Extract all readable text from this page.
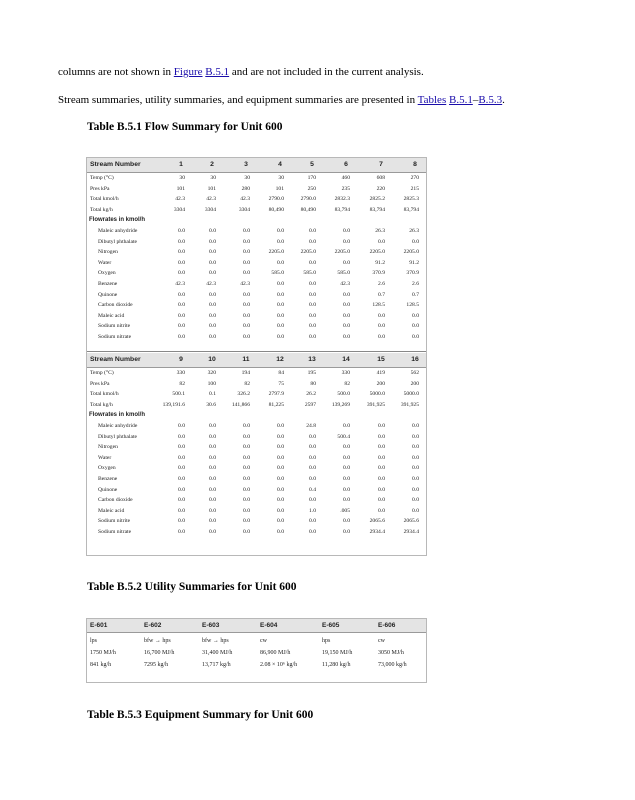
columns are not shown in Figure B.5.1 and are not included in the current analysis.
Stream summaries, utility summaries, and equipment summaries are presented in Tables B.5.1–B.5.3.
Table B.5.1 Flow Summary for Unit 600
Stream Number	1	2	3	4	5	6	7	8
Temp (°C)	30	30	30	30	170	460	608	270
Pres kPa	101	101	280	101	250	235	220	215
Total kmol/h	42.3	42.3	42.3	2790.0	2790.0	2832.3	2825.2	2825.3
Total kg/h	3304	3304	3304	80,490	80,490	83,794	83,794	83,794
Flowrates in kmol/h
Maleic anhydride	0.0	0.0	0.0	0.0	0.0	0.0	26.3	26.3
Dibutyl phthalate	0.0	0.0	0.0	0.0	0.0	0.0	0.0	0.0
Nitrogen	0.0	0.0	0.0	2205.0	2205.0	2205.0	2205.0	2205.0
Water	0.0	0.0	0.0	0.0	0.0	0.0	91.2	91.2
Oxygen	0.0	0.0	0.0	585.0	585.0	585.0	370.9	370.9
Benzene	42.3	42.3	42.3	0.0	0.0	42.3	2.6	2.6
Quinone	0.0	0.0	0.0	0.0	0.0	0.0	0.7	0.7
Carbon dioxide	0.0	0.0	0.0	0.0	0.0	0.0	128.5	128.5
Maleic acid	0.0	0.0	0.0	0.0	0.0	0.0	0.0	0.0
Sodium nitrite	0.0	0.0	0.0	0.0	0.0	0.0	0.0	0.0
Sodium nitrate	0.0	0.0	0.0	0.0	0.0	0.0	0.0	0.0
Stream Number	9	10	11	12	13	14	15	16
Temp (°C)	330	320	194	84	195	330	419	562
Pres kPa	82	100	82	75	80	82	200	200
Total kmol/h	500.1	0.1	326.2	2797.9	26.2	500.0	5000.0	5000.0
Total kg/h	139,191.6	30.6	141,866	81,225	2597	139,269	391,925	391,925
Flowrates in kmol/h
Maleic anhydride	0.0	0.0	0.0	0.0	24.8	0.0	0.0	0.0
Dibutyl phthalate	0.0	0.0	0.0	0.0	0.0	500.4	0.0	0.0
Nitrogen	0.0	0.0	0.0	0.0	0.0	0.0	0.0	0.0
Water	0.0	0.0	0.0	0.0	0.0	0.0	0.0	0.0
Oxygen	0.0	0.0	0.0	0.0	0.0	0.0	0.0	0.0
Benzene	0.0	0.0	0.0	0.0	0.0	0.0	0.0	0.0
Quinone	0.0	0.0	0.0	0.0	0.4	0.0	0.0	0.0
Carbon dioxide	0.0	0.0	0.0	0.0	0.0	0.0	0.0	0.0
Maleic acid	0.0	0.0	0.0	0.0	1.0	.005	0.0	0.0
Sodium nitrite	0.0	0.0	0.0	0.0	0.0	0.0	2065.6	2065.6
Sodium nitrate	0.0	0.0	0.0	0.0	0.0	0.0	2934.4	2934.4
Table B.5.2 Utility Summaries for Unit 600
E-601	E-602	E-603	E-604	E-605	E-606
lps	bfw → hps	bfw → hps	cw	hps	cw
1750 MJ/h	16,700 MJ/h	31,400 MJ/h	86,900 MJ/h	19,150 MJ/h	3050 MJ/h
841 kg/h	7295 kg/h	13,717 kg/h	2.08 × 10⁶ kg/h	11,280 kg/h	73,000 kg/h
Table B.5.3 Equipment Summary for Unit 600
